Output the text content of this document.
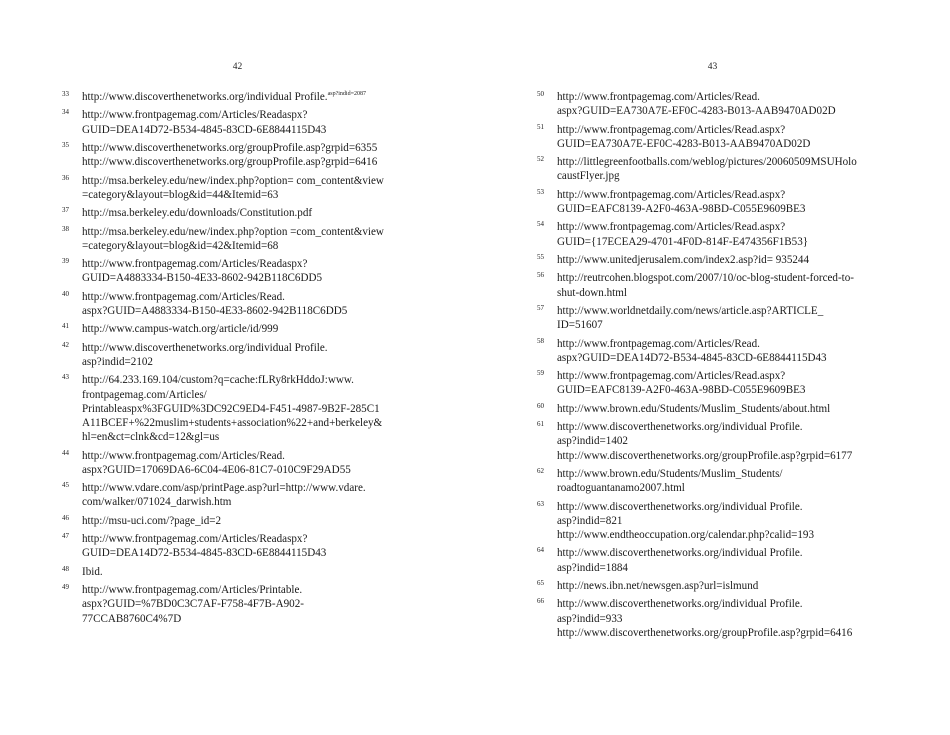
42
33 http://www.discoverthenetworks.org/individual Profile.$^{asp?indid=2087}$
34 http://www.frontpagemag.com/Articles/Readaspx?
GUID=DEA14D72-B534-4845-83CD-6E8844115D43
35 http://www.discoverthenetworks.org/groupProfile.asp?grpid=6355
http://www.discoverthenetworks.org/groupProfile.asp?grpid=6416
36 http://msa.berkeley.edu/new/index.php?option= com_content&view
=category&layout=blog&id=44&Itemid=63
37 http://msa.berkeley.edu/downloads/Constitution.pdf
38 http://msa.berkeley.edu/new/index.php?option =com_content&view
=category&layout=blog&id=42&Itemid=68
39 http://www.frontpagemag.com/Articles/Readaspx?
GUID=A4883334-B150-4E33-8602-942B118C6DD5
40 http://www.frontpagemag.com/Articles/Read.
aspx?GUID=A4883334-B150-4E33-8602-942B118C6DD5
41 http://www.campus-watch.org/article/id/999
42 http://www.discoverthenetworks.org/individual Profile.
asp?indid=2102
43 http://64.233.169.104/custom?q=cache:fLRy8rkHddoJ:www.
frontpagemag.com/Articles/
Printableaspx%3FGUID%3DC92C9ED4-F451-4987-9B2F-285C1
A11BCEF+%22muslim+students+association%22+and+berkeley&
hl=en&ct=clnk&cd=12&gl=us
44 http://www.frontpagemag.com/Articles/Read.
aspx?GUID=17069DA6-6C04-4E06-81C7-010C9F29AD55
45 http://www.vdare.com/asp/printPage.asp?url=http://www.vdare.
com/walker/071024_darwish.htm
46 http://msu-uci.com/?page_id=2
47 http://www.frontpagemag.com/Articles/Readaspx?
GUID=DEA14D72-B534-4845-83CD-6E8844115D43
48 Ibid.
49 http://www.frontpagemag.com/Articles/Printable.
aspx?GUID=%7BD0C3C7AF-F758-4F7B-A902-
77CCAB8760C4%7D
43
50 http://www.frontpagemag.com/Articles/Read.
aspx?GUID=EA730A7E-EF0C-4283-B013-AAB9470AD02D
51 http://www.frontpagemag.com/Articles/Read.aspx?
GUID=EA730A7E-EF0C-4283-B013-AAB9470AD02D
52 http://littlegreenfootballs.com/weblog/pictures/20060509MSUHolo
caustFlyer.jpg
53 http://www.frontpagemag.com/Articles/Read.aspx?
GUID=EAFC8139-A2F0-463A-98BD-C055E9609BE3
54 http://www.frontpagemag.com/Articles/Read.aspx?
GUID={17ECEA29-4701-4F0D-814F-E474356F1B53}
55 http://www.unitedjerusalem.com/index2.asp?id= 935244
56 http://reutrcohen.blogspot.com/2007/10/oc-blog-student-forced-to-
shut-down.html
57 http://www.worldnetdaily.com/news/article.asp?ARTICLE_
ID=51607
58 http://www.frontpagemag.com/Articles/Read.
aspx?GUID=DEA14D72-B534-4845-83CD-6E8844115D43
59 http://www.frontpagemag.com/Articles/Read.aspx?
GUID=EAFC8139-A2F0-463A-98BD-C055E9609BE3
60 http://www.brown.edu/Students/Muslim_Students/about.html
61 http://www.discoverthenetworks.org/individual Profile.
asp?indid=1402
http://www.discoverthenetworks.org/groupProfile.asp?grpid=6177
62 http://www.brown.edu/Students/Muslim_Students/
roadtoguantanamo2007.html
63 http://www.discoverthenetworks.org/individual Profile.
asp?indid=821
http://www.endtheoccupation.org/calendar.php?calid=193
64 http://www.discoverthenetworks.org/individual Profile.
asp?indid=1884
65 http://news.ibn.net/newsgen.asp?url=islmund
66 http://www.discoverthenetworks.org/individual Profile.
asp?indid=933
http://www.discoverthenetworks.org/groupProfile.asp?grpid=6416
